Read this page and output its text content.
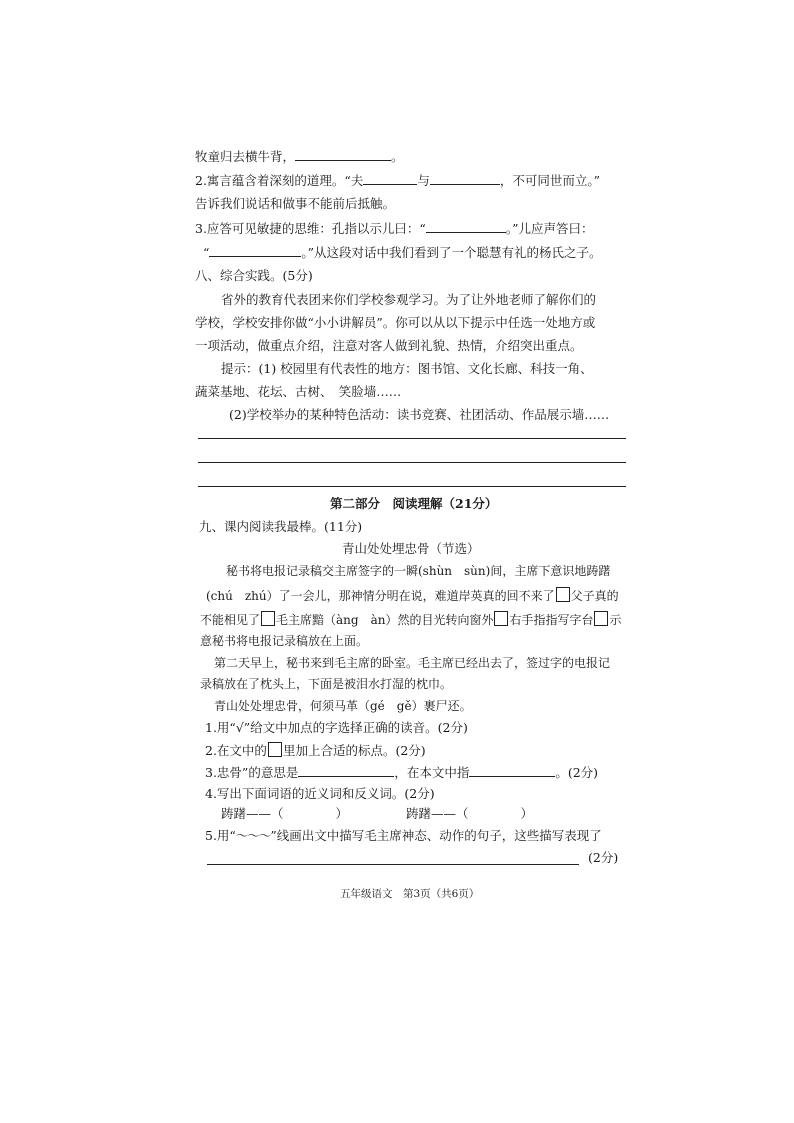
牧童归去横牛背，	。
2.寓言蕴含着深刻的道理。“夫	与	，不可同世而立。”
告诉我们说话和做事不能前后抵触。
3.应答可见敏捷的思维：孔指以示儿曰：“	。”儿应声答曰：
“	。”从这段对话中我们看到了一个聪慧有礼的杨氏之子。
八、综合实践。(5分)
省外的教育代表团来你们学校参观学习。为了让外地老师了解你们的
学校，学校安排你做“小小讲解员”。你可以从以下提示中任选一处地方或
一项活动，做重点介绍，注意对客人做到礼貌、热情，介绍突出重点。
提示：(1) 校园里有代表性的地方：图书馆、文化长廊、科技一角、
蔬菜基地、花坛、古树、　笑脸墙……
(2)学校举办的某种特色活动：读书竞赛、社团活动、作品展示墙……
第二部分　阅读理解（21分）
九、课内阅读我最棒。(11分)
青山处处埋忠骨（节选）
秘书将电报记录稿交主席签字的一瞬(shùn　sùn)间，主席下意识地踌躇
(chú　zhú）了一会儿，那神情分明在说，难道岸英真的回不来了 父子真的
不能相见了 毛主席黯（àng　àn）然的目光转向窗外 右手指指写字台 示
意秘书将电报记录稿放在上面。
第二天早上，秘书来到毛主席的卧室。毛主席已经出去了，签过字的电报记
录稿放在了枕头上，下面是被泪水打湿的枕巾。
青山处处埋忠骨，何须马革（gé　gě）裹尸还。
1.用“√”给文中加点的字选择正确的读音。(2分)
2.在文中的 里加上合适的标点。(2分)
3.忠骨”的意思是	，在本文中指	。(2分)
4.写出下面词语的近义词和反义词。(2分)
踌躇——（	）	踌躇——（	）
5.用“～～～”线画出文中描写毛主席神态、动作的句子，这些描写表现了
(2分)
五年级语文　第3页（共6页）
